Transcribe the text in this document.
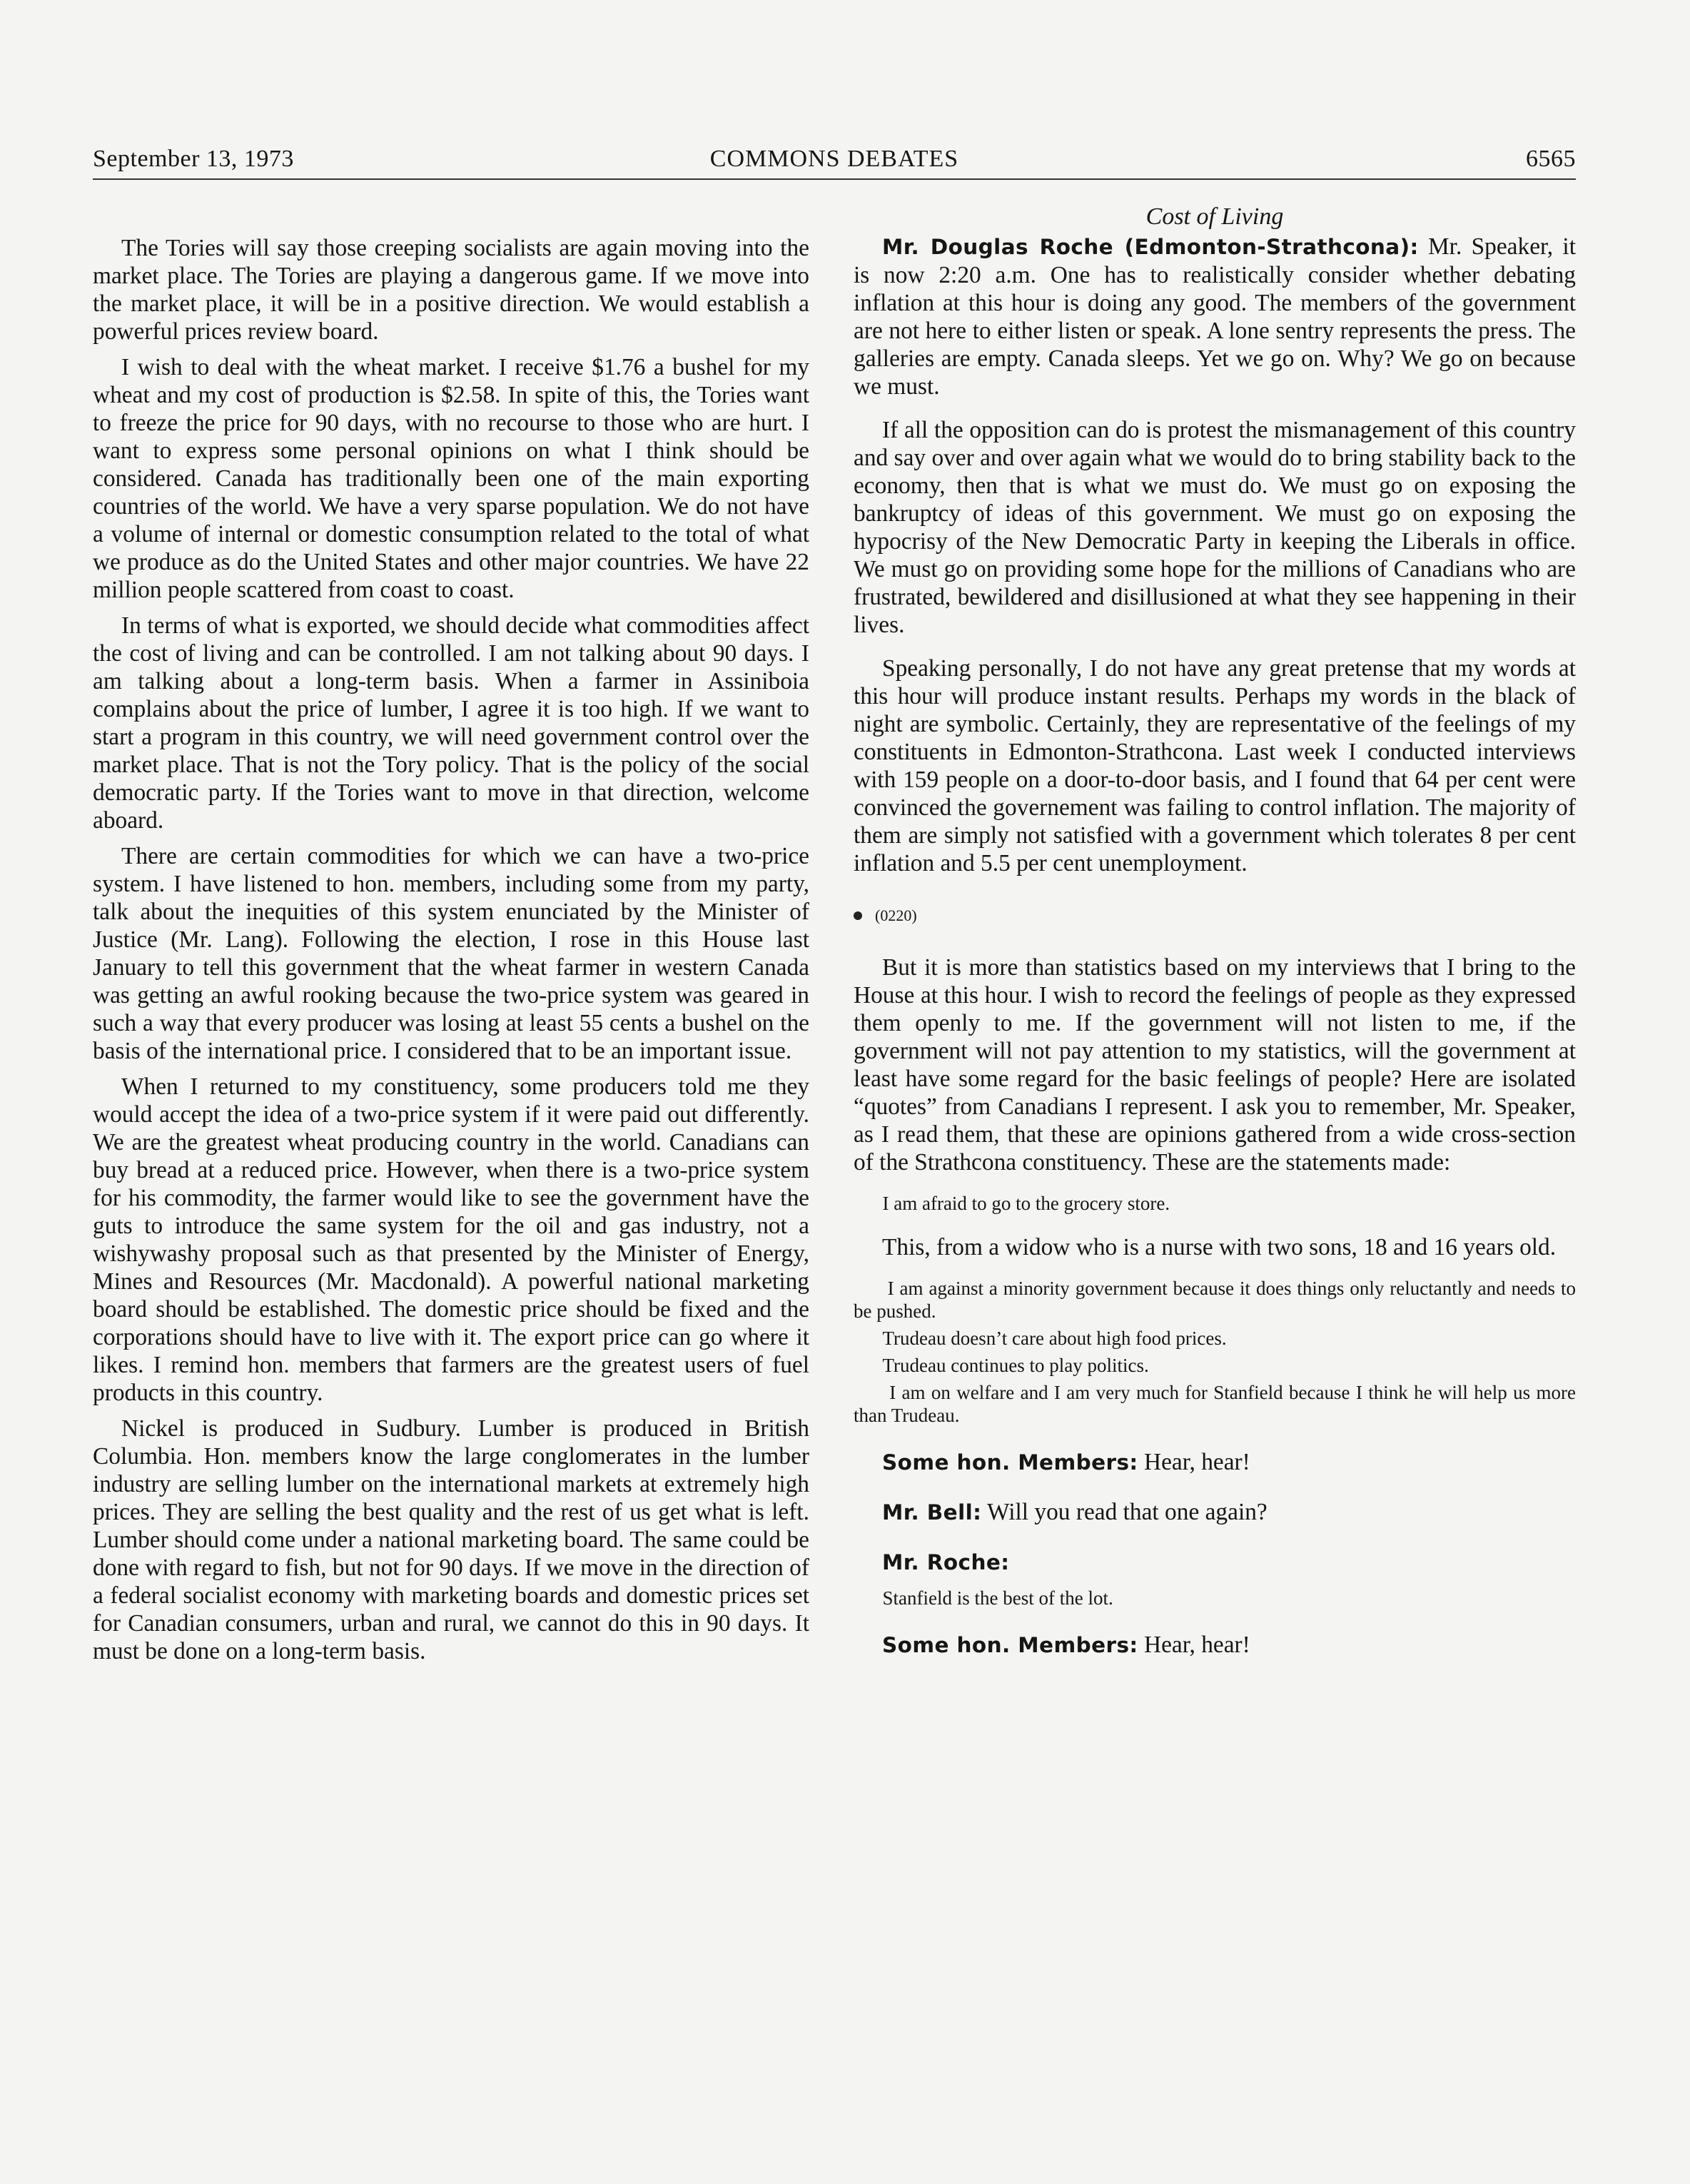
September 13, 1973	COMMONS DEBATES	6565

The Tories will say those creeping socialists are again moving into the market place. The Tories are playing a dangerous game. If we move into the market place, it will be in a positive direction. We would establish a powerful prices review board.

I wish to deal with the wheat market. I receive $1.76 a bushel for my wheat and my cost of production is $2.58. In spite of this, the Tories want to freeze the price for 90 days, with no recourse to those who are hurt. I want to express some personal opinions on what I think should be considered. Canada has traditionally been one of the main exporting countries of the world. We have a very sparse population. We do not have a volume of internal or domestic consumption related to the total of what we produce as do the United States and other major countries. We have 22 million people scattered from coast to coast.

In terms of what is exported, we should decide what commodities affect the cost of living and can be controlled. I am not talking about 90 days. I am talking about a long-term basis. When a farmer in Assiniboia complains about the price of lumber, I agree it is too high. If we want to start a program in this country, we will need government control over the market place. That is not the Tory policy. That is the policy of the social democratic party. If the Tories want to move in that direction, welcome aboard.

There are certain commodities for which we can have a two-price system. I have listened to hon. members, including some from my party, talk about the inequities of this system enunciated by the Minister of Justice (Mr. Lang). Following the election, I rose in this House last January to tell this government that the wheat farmer in western Canada was getting an awful rooking because the two-price system was geared in such a way that every producer was losing at least 55 cents a bushel on the basis of the international price. I considered that to be an important issue.

When I returned to my constituency, some producers told me they would accept the idea of a two-price system if it were paid out differently. We are the greatest wheat producing country in the world. Canadians can buy bread at a reduced price. However, when there is a two-price system for his commodity, the farmer would like to see the government have the guts to introduce the same system for the oil and gas industry, not a wishywashy proposal such as that presented by the Minister of Energy, Mines and Resources (Mr. Macdonald). A powerful national marketing board should be established. The domestic price should be fixed and the corporations should have to live with it. The export price can go where it likes. I remind hon. members that farmers are the greatest users of fuel products in this country.

Nickel is produced in Sudbury. Lumber is produced in British Columbia. Hon. members know the large conglomerates in the lumber industry are selling lumber on the international markets at extremely high prices. They are selling the best quality and the rest of us get what is left. Lumber should come under a national marketing board. The same could be done with regard to fish, but not for 90 days. If we move in the direction of a federal socialist economy with marketing boards and domestic prices set for Canadian consumers, urban and rural, we cannot do this in 90 days. It must be done on a long-term basis.

Cost of Living

Mr. Douglas Roche (Edmonton-Strathcona): Mr. Speaker, it is now 2:20 a.m. One has to realistically consider whether debating inflation at this hour is doing any good. The members of the government are not here to either listen or speak. A lone sentry represents the press. The galleries are empty. Canada sleeps. Yet we go on. Why? We go on because we must.

If all the opposition can do is protest the mismanagement of this country and say over and over again what we would do to bring stability back to the economy, then that is what we must do. We must go on exposing the bankruptcy of ideas of this government. We must go on exposing the hypocrisy of the New Democratic Party in keeping the Liberals in office. We must go on providing some hope for the millions of Canadians who are frustrated, bewildered and disillusioned at what they see happening in their lives.

Speaking personally, I do not have any great pretense that my words at this hour will produce instant results. Perhaps my words in the black of night are symbolic. Certainly, they are representative of the feelings of my constituents in Edmonton-Strathcona. Last week I conducted interviews with 159 people on a door-to-door basis, and I found that 64 per cent were convinced the governement was failing to control inflation. The majority of them are simply not satisfied with a government which tolerates 8 per cent inflation and 5.5 per cent unemployment.

(0220)

But it is more than statistics based on my interviews that I bring to the House at this hour. I wish to record the feelings of people as they expressed them openly to me. If the government will not listen to me, if the government will not pay attention to my statistics, will the government at least have some regard for the basic feelings of people? Here are isolated “quotes” from Canadians I represent. I ask you to remember, Mr. Speaker, as I read them, that these are opinions gathered from a wide cross-section of the Strathcona constituency. These are the statements made:

I am afraid to go to the grocery store.

This, from a widow who is a nurse with two sons, 18 and 16 years old.

I am against a minority government because it does things only reluctantly and needs to be pushed.

Trudeau doesn’t care about high food prices.

Trudeau continues to play politics.

I am on welfare and I am very much for Stanfield because I think he will help us more than Trudeau.

Some hon. Members: Hear, hear!

Mr. Bell: Will you read that one again?

Mr. Roche:

Stanfield is the best of the lot.

Some hon. Members: Hear, hear!
